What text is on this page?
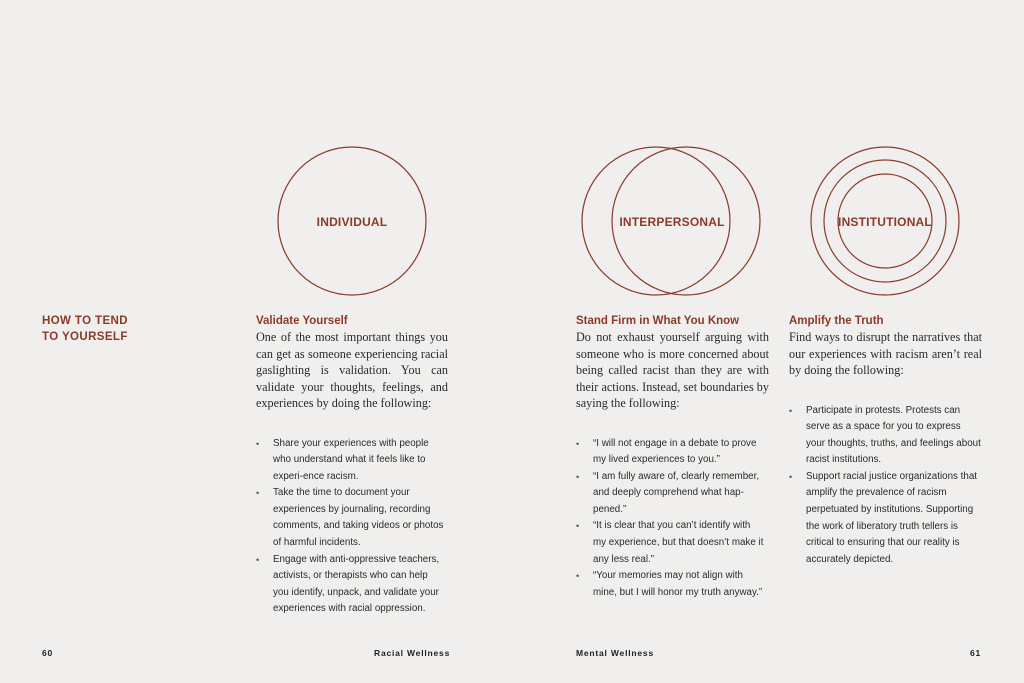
INDIVIDUAL	INTERPERSONAL	INSTITUTIONAL
HOW TO TEND
TO YOURSELF
Validate Yourself
One of the most important things you can get as someone experiencing racial gaslighting is validation. You can validate your thoughts, feelings, and experiences by doing the following:
• Share your experiences with people who understand what it feels like to experi-ence racism.
• Take the time to document your experiences by journaling, recording comments, and taking videos or photos of harmful incidents.
• Engage with anti-oppressive teachers, activists, or therapists who can help you identify, unpack, and validate your experiences with racial oppression.
Stand Firm in What You Know
Do not exhaust yourself arguing with someone who is more concerned about being called racist than they are with their actions. Instead, set boundaries by saying the following:
• “I will not engage in a debate to prove my lived experiences to you.”
• “I am fully aware of, clearly remember, and deeply comprehend what hap-pened.”
• “It is clear that you can’t identify with my experience, but that doesn’t make it any less real.”
• “Your memories may not align with mine, but I will honor my truth anyway.”
Amplify the Truth
Find ways to disrupt the narratives that our experiences with racism aren’t real by doing the following:
• Participate in protests. Protests can serve as a space for you to express your thoughts, truths, and feelings about racist institutions.
• Support racial justice organizations that amplify the prevalence of racism perpetuated by institutions. Supporting the work of liberatory truth tellers is critical to ensuring that our reality is accurately depicted.
60	Racial Wellness	Mental Wellness	61
